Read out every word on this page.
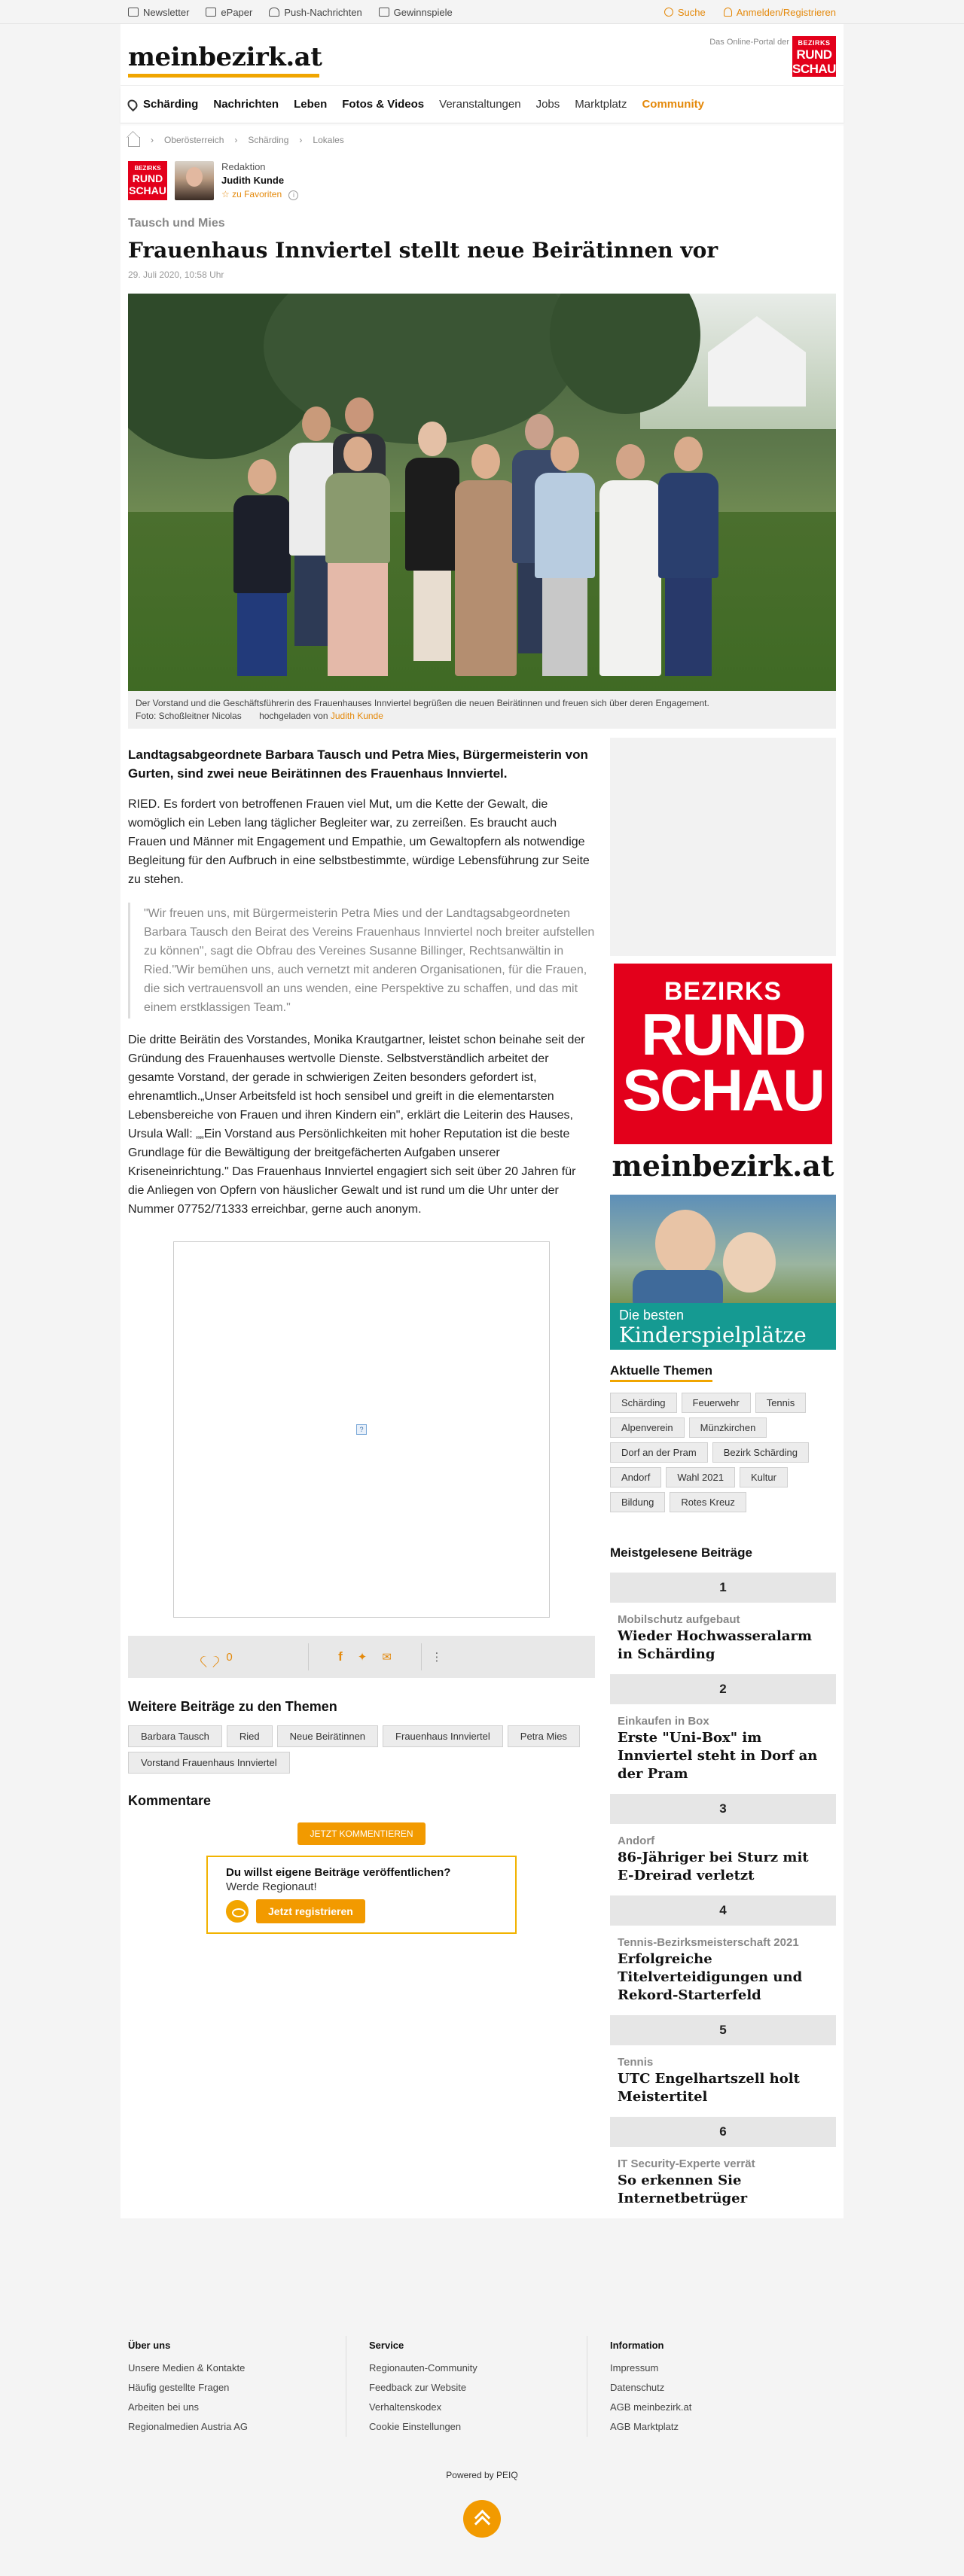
Newsletter	ePaper	Push-Nachrichten	Gewinnspiele	Suche	Anmelden/Registrieren
meinbezirk.at	Das Online-Portal der	BEZIRKS
RUND
SCHAU
Schärding Nachrichten Leben Fotos & Videos Veranstaltungen Jobs Marktplatz Community
› Oberösterreich › Schärding › Lokales
BEZIRKS
RUND
SCHAU
Redaktion
Judith Kunde
☆ zu Favoriten i
Tausch und Mies
Frauenhaus Innviertel stellt neue Beirätinnen vor
29. Juli 2020, 10:58 Uhr
Der Vorstand und die Geschäftsführerin des Frauenhauses Innviertel begrüßen die neuen Beirätinnen und freuen sich über deren Engagement.
Foto: Schoßleitner Nicolas hochgeladen von Judith Kunde

Landtagsabgeordnete Barbara Tausch und Petra Mies, Bürgermeisterin von Gurten, sind zwei neue Beirätinnen des Frauenhaus Innviertel.

RIED. Es fordert von betroffenen Frauen viel Mut, um die Kette der Gewalt, die womöglich ein Leben lang täglicher Begleiter war, zu zerreißen. Es braucht auch Frauen und Männer mit Engagement und Empathie, um Gewaltopfern als notwendige Begleitung für den Aufbruch in eine selbstbestimmte, würdige Lebensführung zur Seite zu stehen.

"Wir freuen uns, mit Bürgermeisterin Petra Mies und der Landtagsabgeordneten Barbara Tausch den Beirat des Vereins Frauenhaus Innviertel noch breiter aufstellen zu können", sagt die Obfrau des Vereines Susanne Billinger, Rechtsanwältin in Ried."Wir bemühen uns, auch vernetzt mit anderen Organisationen, für die Frauen, die sich vertrauensvoll an uns wenden, eine Perspektive zu schaffen, und das mit einem erstklassigen Team."

Die dritte Beirätin des Vorstandes, Monika Krautgartner, leistet schon beinahe seit der Gründung des Frauenhauses wertvolle Dienste. Selbstverständlich arbeitet der gesamte Vorstand, der gerade in schwierigen Zeiten besonders gefordert ist, ehrenamtlich.„Unser Arbeitsfeld ist hoch sensibel und greift in die elementarsten Lebensbereiche von Frauen und ihren Kindern ein", erklärt die Leiterin des Hauses, Ursula Wall: „„Ein Vorstand aus Persönlichkeiten mit hoher Reputation ist die beste Grundlage für die Bewältigung der breitgefächerten Aufgaben unserer Kriseneinrichtung." Das Frauenhaus Innviertel engagiert sich seit über 20 Jahren für die Anliegen von Opfern von häuslicher Gewalt und ist rund um die Uhr unter der Nummer 07752/71333 erreichbar, gerne auch anonym.

?
0	f ✦ ✉	⋮
Weitere Beiträge zu den Themen
Barbara Tausch	Ried	Neue Beirätinnen	Frauenhaus Innviertel	Petra Mies
Vorstand Frauenhaus Innviertel
Kommentare
JETZT KOMMENTIEREN
Du willst eigene Beiträge veröffentlichen?
Werde Regionaut!
Jetzt registrieren
BEZIRKS
RUND
SCHAU
meinbezirk.at
Die besten
Kinderspielplätze
Aktuelle Themen
Schärding	Feuerwehr	Tennis
Alpenverein	Münzkirchen
Dorf an der Pram	Bezirk Schärding
Andorf	Wahl 2021	Kultur
Bildung	Rotes Kreuz
Meistgelesene Beiträge
1
Mobilschutz aufgebaut
Wieder Hochwasseralarm in Schärding
2
Einkaufen in Box
Erste "Uni-Box" im Innviertel steht in Dorf an der Pram
3
Andorf
86-Jähriger bei Sturz mit E-Dreirad verletzt
4
Tennis-Bezirksmeisterschaft 2021
Erfolgreiche Titelverteidigungen und Rekord-Starterfeld
5
Tennis
UTC Engelhartszell holt Meistertitel
6
IT Security-Experte verrät
So erkennen Sie Internetbetrüger
Über uns
Unsere Medien & Kontakte
Häufig gestellte Fragen
Arbeiten bei uns
Regionalmedien Austria AG
Service
Regionauten-Community
Feedback zur Website
Verhaltenskodex
Cookie Einstellungen
Information
Impressum
Datenschutz
AGB meinbezirk.at
AGB Marktplatz
Powered by PEIQ
